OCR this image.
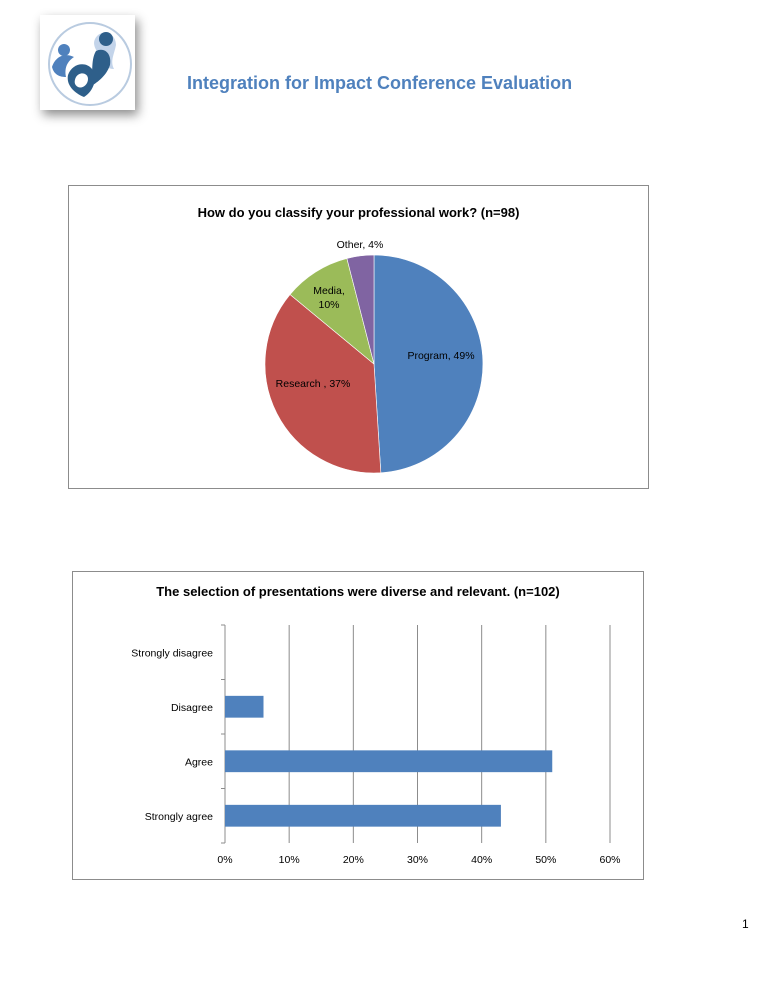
Integration for Impact Conference Evaluation
How do you classify your professional work? (n=98)
Program, 49%
Research , 37%
Media, 10%
Other, 4%
The selection of presentations were diverse and relevant. (n=102)
0%	10%	20%	30%	40%	50%	60%
Strongly disagree
Disagree
Agree
Strongly agree
1
